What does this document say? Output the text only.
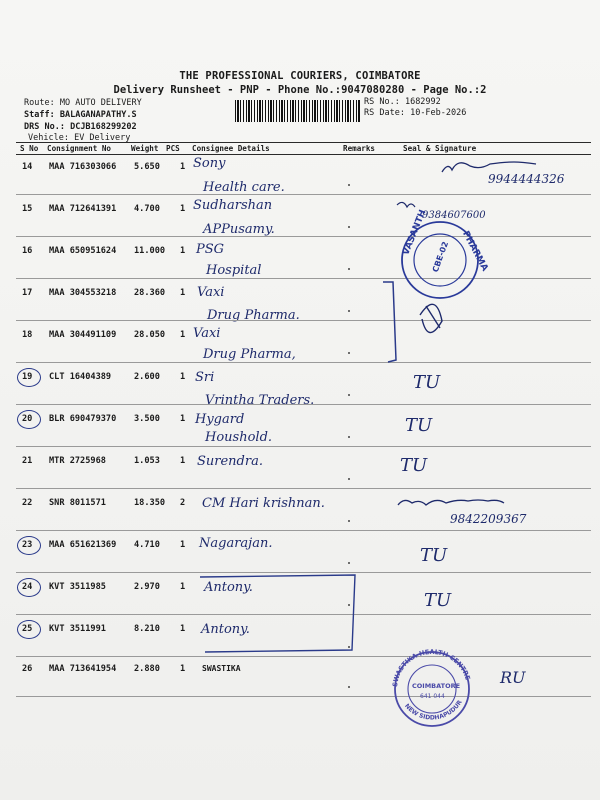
THE PROFESSIONAL COURIERS, COIMBATORE
Delivery Runsheet - PNP - Phone No.:9047080280 - Page No.:2
Route: MO AUTO DELIVERY
Staff: BALAGANAPATHY.S
DRS No.: DCJB168299202
Vehicle: EV Delivery
RS No.: 1682992
RS Date: 10-Feb-2026
S No Consignment No	Weight PCS Consignee Details	Remarks	Seal & Signature
14 MAA 716303066 5.650 1 Sony
Health care.
9944444326
15 MAA 712641391 4.700 1 Sudharshan
APPusamy.
9384607600
16 MAA 650951624 11.000 1 PSG
Hospital
17 MAA 304553218 28.360 1 Vaxi
Drug Pharma.
18 MAA 304491109 28.050 1 Vaxi
Drug Pharma,
19 CLT 16404389	2.600 1 Sri
Vrintha Traders.
TU
20 BLR 690479370 3.500 1 Hygard
Houshold.
TU
21 MTR 2725968	1.053 1 Surendra.	TU
22 SNR 8011571	18.350 2 CM Hari krishnan.
9842209367
23 MAA 651621369 4.710 1 Nagarajan.
TU
24 KVT 3511985	2.970 1 Antony.
TU
25 KVT 3511991	8.210 1 Antony.
26 MAA 713641954 2.880 1 SWASTIKA	RU
VASANTH	PHARMA
CBE-02
SWASTIKA HEALTH CENTRE
NEW SIDDHAPUDUR
COIMBATORE
641 044
